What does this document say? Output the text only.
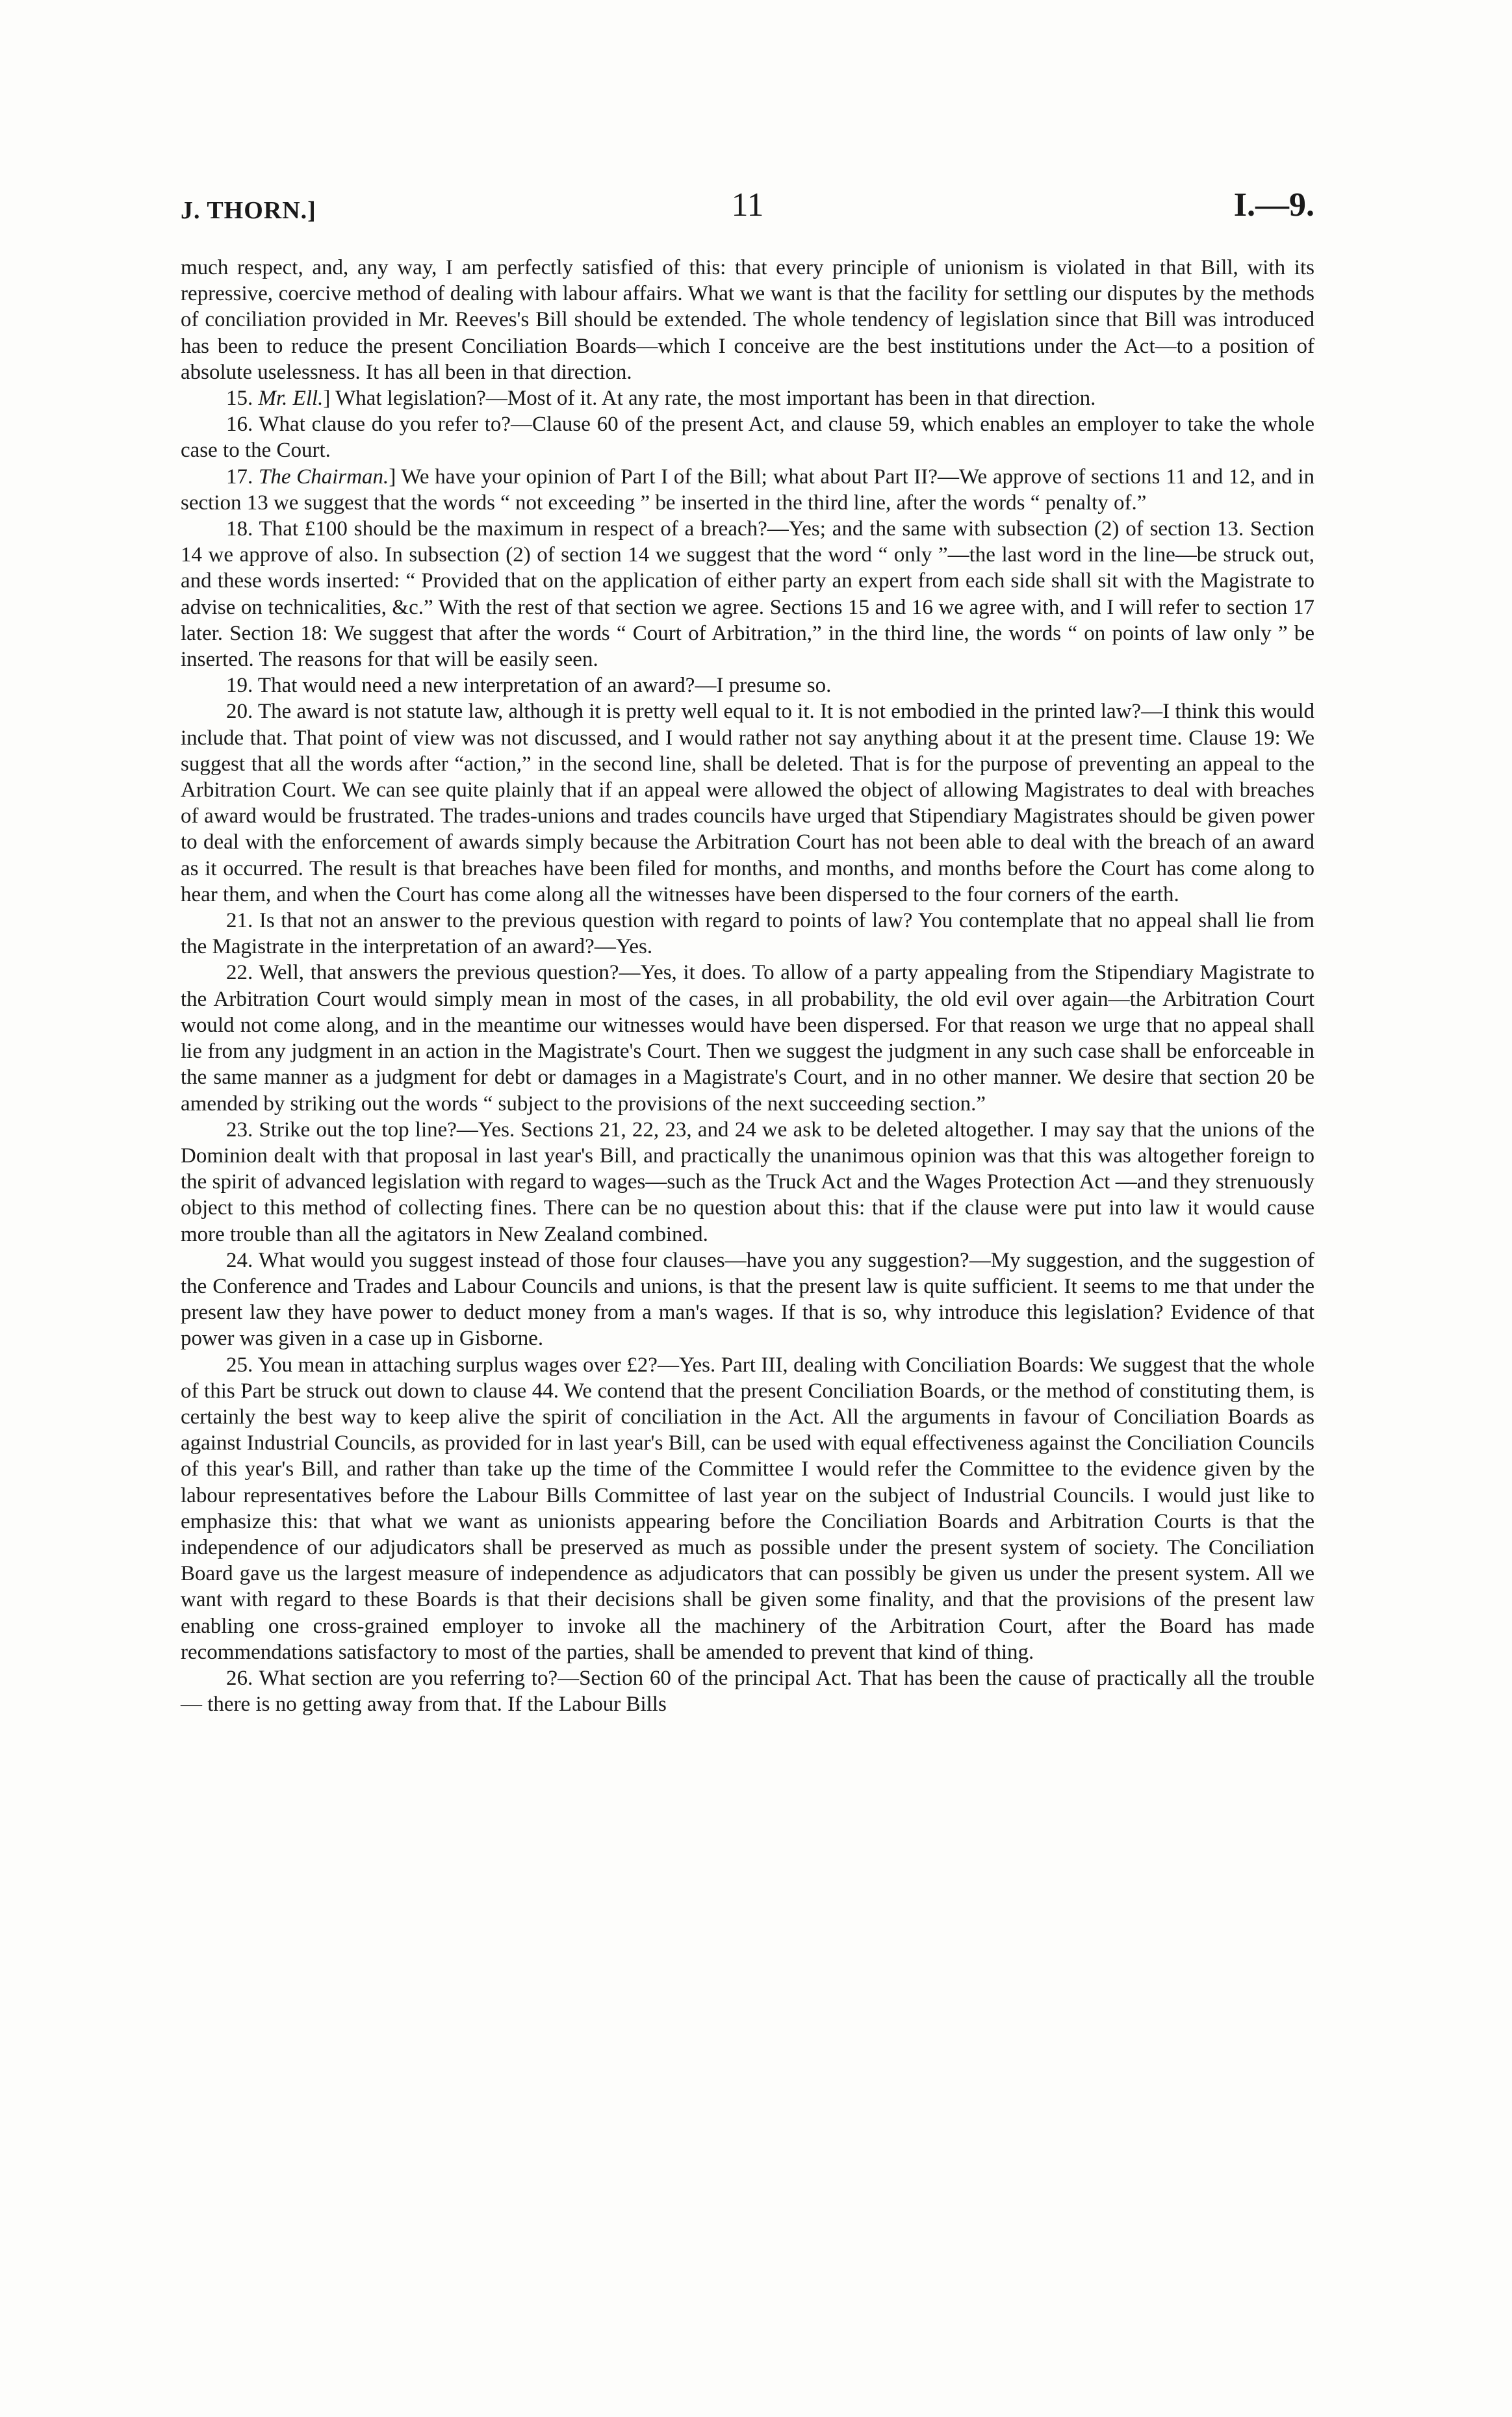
J. THORN.]	11	I.—9.

much respect, and, any way, I am perfectly satisfied of this: that every principle of unionism is violated in that Bill, with its repressive, coercive method of dealing with labour affairs. What we want is that the facility for settling our disputes by the methods of conciliation provided in Mr. Reeves's Bill should be extended. The whole tendency of legislation since that Bill was introduced has been to reduce the present Conciliation Boards—which I conceive are the best institutions under the Act—to a position of absolute uselessness. It has all been in that direction.

15. Mr. Ell.] What legislation?—Most of it. At any rate, the most important has been in that direction.

16. What clause do you refer to?—Clause 60 of the present Act, and clause 59, which enables an employer to take the whole case to the Court.

17. The Chairman.] We have your opinion of Part I of the Bill; what about Part II?—We approve of sections 11 and 12, and in section 13 we suggest that the words “ not exceeding ” be inserted in the third line, after the words “ penalty of.”

18. That £100 should be the maximum in respect of a breach?—Yes; and the same with subsection (2) of section 13. Section 14 we approve of also. In subsection (2) of section 14 we suggest that the word “ only ”—the last word in the line—be struck out, and these words inserted: “ Provided that on the application of either party an expert from each side shall sit with the Magistrate to advise on technicalities, &c.” With the rest of that section we agree. Sections 15 and 16 we agree with, and I will refer to section 17 later. Section 18: We suggest that after the words “ Court of Arbitration,” in the third line, the words “ on points of law only ” be inserted. The reasons for that will be easily seen.

19. That would need a new interpretation of an award?—I presume so.

20. The award is not statute law, although it is pretty well equal to it. It is not embodied in the printed law?—I think this would include that. That point of view was not discussed, and I would rather not say anything about it at the present time. Clause 19: We suggest that all the words after “action,” in the second line, shall be deleted. That is for the purpose of preventing an appeal to the Arbitration Court. We can see quite plainly that if an appeal were allowed the object of allowing Magistrates to deal with breaches of award would be frustrated. The trades-unions and trades councils have urged that Stipendiary Magistrates should be given power to deal with the enforcement of awards simply because the Arbitration Court has not been able to deal with the breach of an award as it occurred. The result is that breaches have been filed for months, and months, and months before the Court has come along to hear them, and when the Court has come along all the witnesses have been dispersed to the four corners of the earth.

21. Is that not an answer to the previous question with regard to points of law? You contemplate that no appeal shall lie from the Magistrate in the interpretation of an award?—Yes.

22. Well, that answers the previous question?—Yes, it does. To allow of a party appealing from the Stipendiary Magistrate to the Arbitration Court would simply mean in most of the cases, in all probability, the old evil over again—the Arbitration Court would not come along, and in the meantime our witnesses would have been dispersed. For that reason we urge that no appeal shall lie from any judgment in an action in the Magistrate's Court. Then we suggest the judgment in any such case shall be enforceable in the same manner as a judgment for debt or damages in a Magistrate's Court, and in no other manner. We desire that section 20 be amended by striking out the words “ subject to the provisions of the next succeeding section.”

23. Strike out the top line?—Yes. Sections 21, 22, 23, and 24 we ask to be deleted altogether. I may say that the unions of the Dominion dealt with that proposal in last year's Bill, and practically the unanimous opinion was that this was altogether foreign to the spirit of advanced legislation with regard to wages—such as the Truck Act and the Wages Protection Act —and they strenuously object to this method of collecting fines. There can be no question about this: that if the clause were put into law it would cause more trouble than all the agitators in New Zealand combined.

24. What would you suggest instead of those four clauses—have you any suggestion?—My suggestion, and the suggestion of the Conference and Trades and Labour Councils and unions, is that the present law is quite sufficient. It seems to me that under the present law they have power to deduct money from a man's wages. If that is so, why introduce this legislation? Evidence of that power was given in a case up in Gisborne.

25. You mean in attaching surplus wages over £2?—Yes. Part III, dealing with Conciliation Boards: We suggest that the whole of this Part be struck out down to clause 44. We contend that the present Conciliation Boards, or the method of constituting them, is certainly the best way to keep alive the spirit of conciliation in the Act. All the arguments in favour of Conciliation Boards as against Industrial Councils, as provided for in last year's Bill, can be used with equal effectiveness against the Conciliation Councils of this year's Bill, and rather than take up the time of the Committee I would refer the Committee to the evidence given by the labour representatives before the Labour Bills Committee of last year on the subject of Industrial Councils. I would just like to emphasize this: that what we want as unionists appearing before the Conciliation Boards and Arbitration Courts is that the independence of our adjudicators shall be preserved as much as possible under the present system of society. The Conciliation Board gave us the largest measure of independence as adjudicators that can possibly be given us under the present system. All we want with regard to these Boards is that their decisions shall be given some finality, and that the provisions of the present law enabling one cross-grained employer to invoke all the machinery of the Arbitration Court, after the Board has made recommendations satisfactory to most of the parties, shall be amended to prevent that kind of thing.

26. What section are you referring to?—Section 60 of the principal Act. That has been the cause of practically all the trouble — there is no getting away from that. If the Labour Bills
